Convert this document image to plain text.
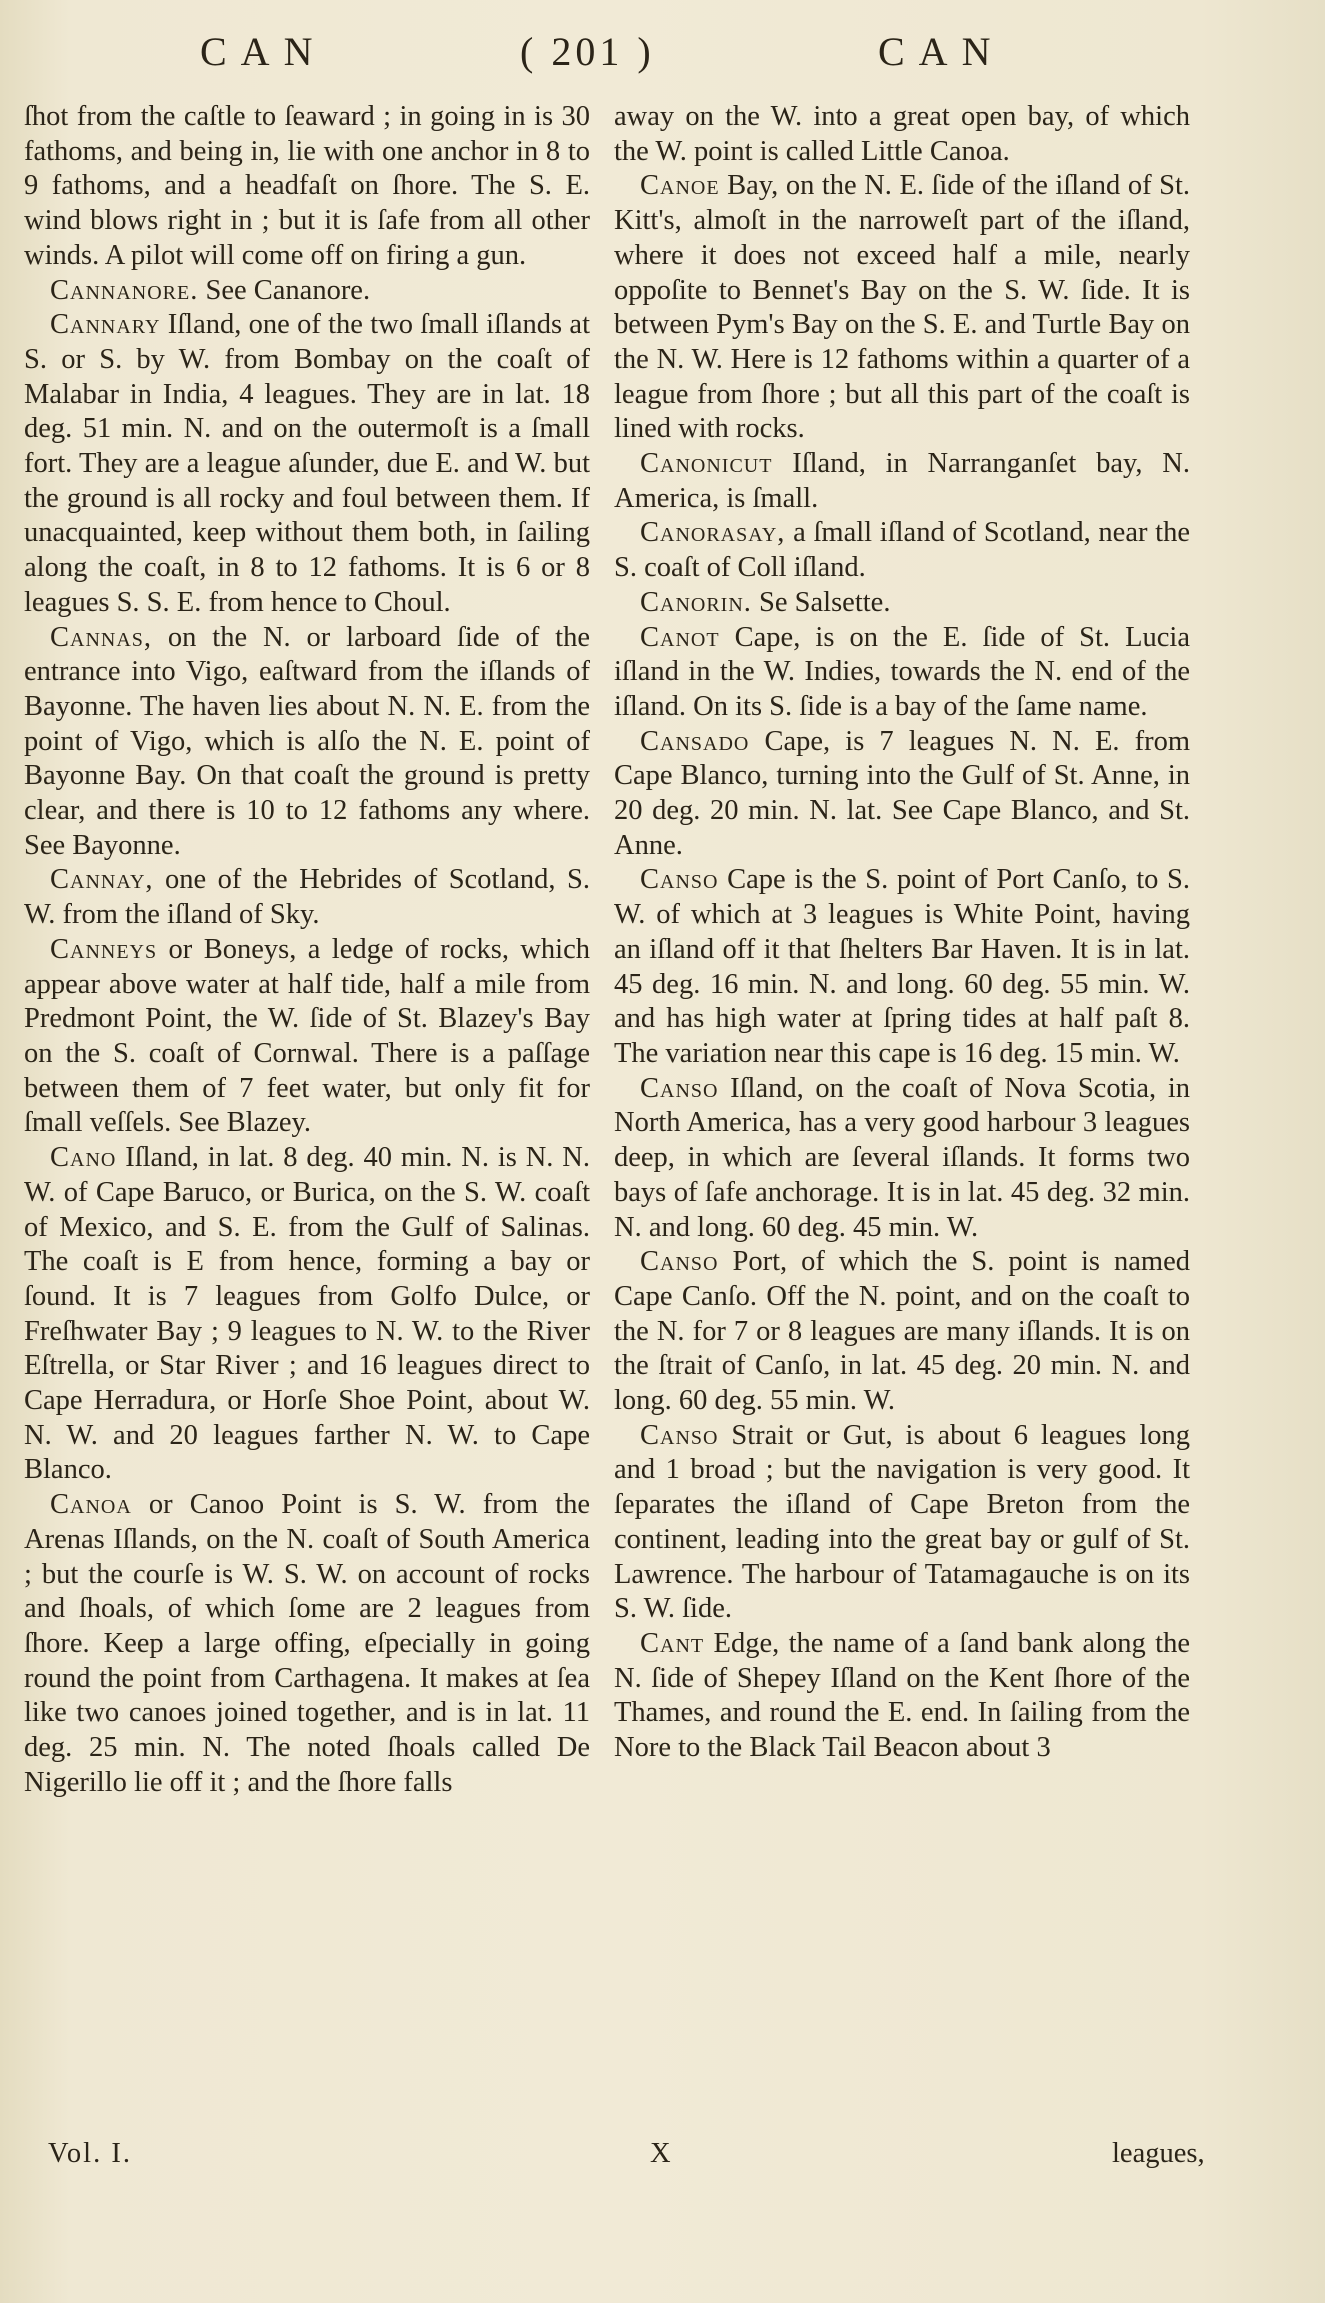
CAN	( 201 )	CAN

ſhot from the caſtle to ſeaward ; in going in is 30 fathoms, and being in, lie with one anchor in 8 to 9 fathoms, and a headfaſt on ſhore. The S. E. wind blows right in ; but it is ſafe from all other winds. A pilot will come off on firing a gun.

Cannanore. See Cananore.

Cannary Iſland, one of the two ſmall iſlands at S. or S. by W. from Bombay on the coaſt of Malabar in India, 4 leagues. They are in lat. 18 deg. 51 min. N. and on the outermoſt is a ſmall fort. They are a league aſunder, due E. and W. but the ground is all rocky and foul between them. If unacquainted, keep without them both, in ſailing along the coaſt, in 8 to 12 fathoms. It is 6 or 8 leagues S. S. E. from hence to Choul.

Cannas, on the N. or larboard ſide of the entrance into Vigo, eaſtward from the iſlands of Bayonne. The haven lies about N. N. E. from the point of Vigo, which is alſo the N. E. point of Bayonne Bay. On that coaſt the ground is pretty clear, and there is 10 to 12 fathoms any where. See Bayonne.

Cannay, one of the Hebrides of Scotland, S. W. from the iſland of Sky.

Canneys or Boneys, a ledge of rocks, which appear above water at half tide, half a mile from Predmont Point, the W. ſide of St. Blazey's Bay on the S. coaſt of Cornwal. There is a paſſage between them of 7 feet water, but only fit for ſmall veſſels. See Blazey.

Cano Iſland, in lat. 8 deg. 40 min. N. is N. N. W. of Cape Baruco, or Burica, on the S. W. coaſt of Mexico, and S. E. from the Gulf of Salinas. The coaſt is E from hence, forming a bay or ſound. It is 7 leagues from Golfo Dulce, or Freſhwater Bay ; 9 leagues to N. W. to the River Eſtrella, or Star River ; and 16 leagues direct to Cape Herradura, or Horſe Shoe Point, about W. N. W. and 20 leagues farther N. W. to Cape Blanco.

Canoa or Canoo Point is S. W. from the Arenas Iſlands, on the N. coaſt of South America ; but the courſe is W. S. W. on account of rocks and ſhoals, of which ſome are 2 leagues from ſhore. Keep a large offing, eſpecially in going round the point from Carthagena. It makes at ſea like two canoes joined together, and is in lat. 11 deg. 25 min. N. The noted ſhoals called De Nigerillo lie off it ; and the ſhore falls

away on the W. into a great open bay, of which the W. point is called Little Canoa.

Canoe Bay, on the N. E. ſide of the iſland of St. Kitt's, almoſt in the narroweſt part of the iſland, where it does not exceed half a mile, nearly oppoſite to Bennet's Bay on the S. W. ſide. It is between Pym's Bay on the S. E. and Turtle Bay on the N. W. Here is 12 fathoms within a quarter of a league from ſhore ; but all this part of the coaſt is lined with rocks.

Canonicut Iſland, in Narranganſet bay, N. America, is ſmall.

Canorasay, a ſmall iſland of Scotland, near the S. coaſt of Coll iſland.

Canorin. Se Salsette.

Canot Cape, is on the E. ſide of St. Lucia iſland in the W. Indies, towards the N. end of the iſland. On its S. ſide is a bay of the ſame name.

Cansado Cape, is 7 leagues N. N. E. from Cape Blanco, turning into the Gulf of St. Anne, in 20 deg. 20 min. N. lat. See Cape Blanco, and St. Anne.

Canso Cape is the S. point of Port Canſo, to S. W. of which at 3 leagues is White Point, having an iſland off it that ſhelters Bar Haven. It is in lat. 45 deg. 16 min. N. and long. 60 deg. 55 min. W. and has high water at ſpring tides at half paſt 8. The variation near this cape is 16 deg. 15 min. W.

Canso Iſland, on the coaſt of Nova Scotia, in North America, has a very good harbour 3 leagues deep, in which are ſeveral iſlands. It forms two bays of ſafe anchorage. It is in lat. 45 deg. 32 min. N. and long. 60 deg. 45 min. W.

Canso Port, of which the S. point is named Cape Canſo. Off the N. point, and on the coaſt to the N. for 7 or 8 leagues are many iſlands. It is on the ſtrait of Canſo, in lat. 45 deg. 20 min. N. and long. 60 deg. 55 min. W.

Canso Strait or Gut, is about 6 leagues long and 1 broad ; but the navigation is very good. It ſeparates the iſland of Cape Breton from the continent, leading into the great bay or gulf of St. Lawrence. The harbour of Tatamagauche is on its S. W. ſide.

Cant Edge, the name of a ſand bank along the N. ſide of Shepey Iſland on the Kent ſhore of the Thames, and round the E. end. In ſailing from the Nore to the Black Tail Beacon about 3

Vol. I.	X	leagues,
